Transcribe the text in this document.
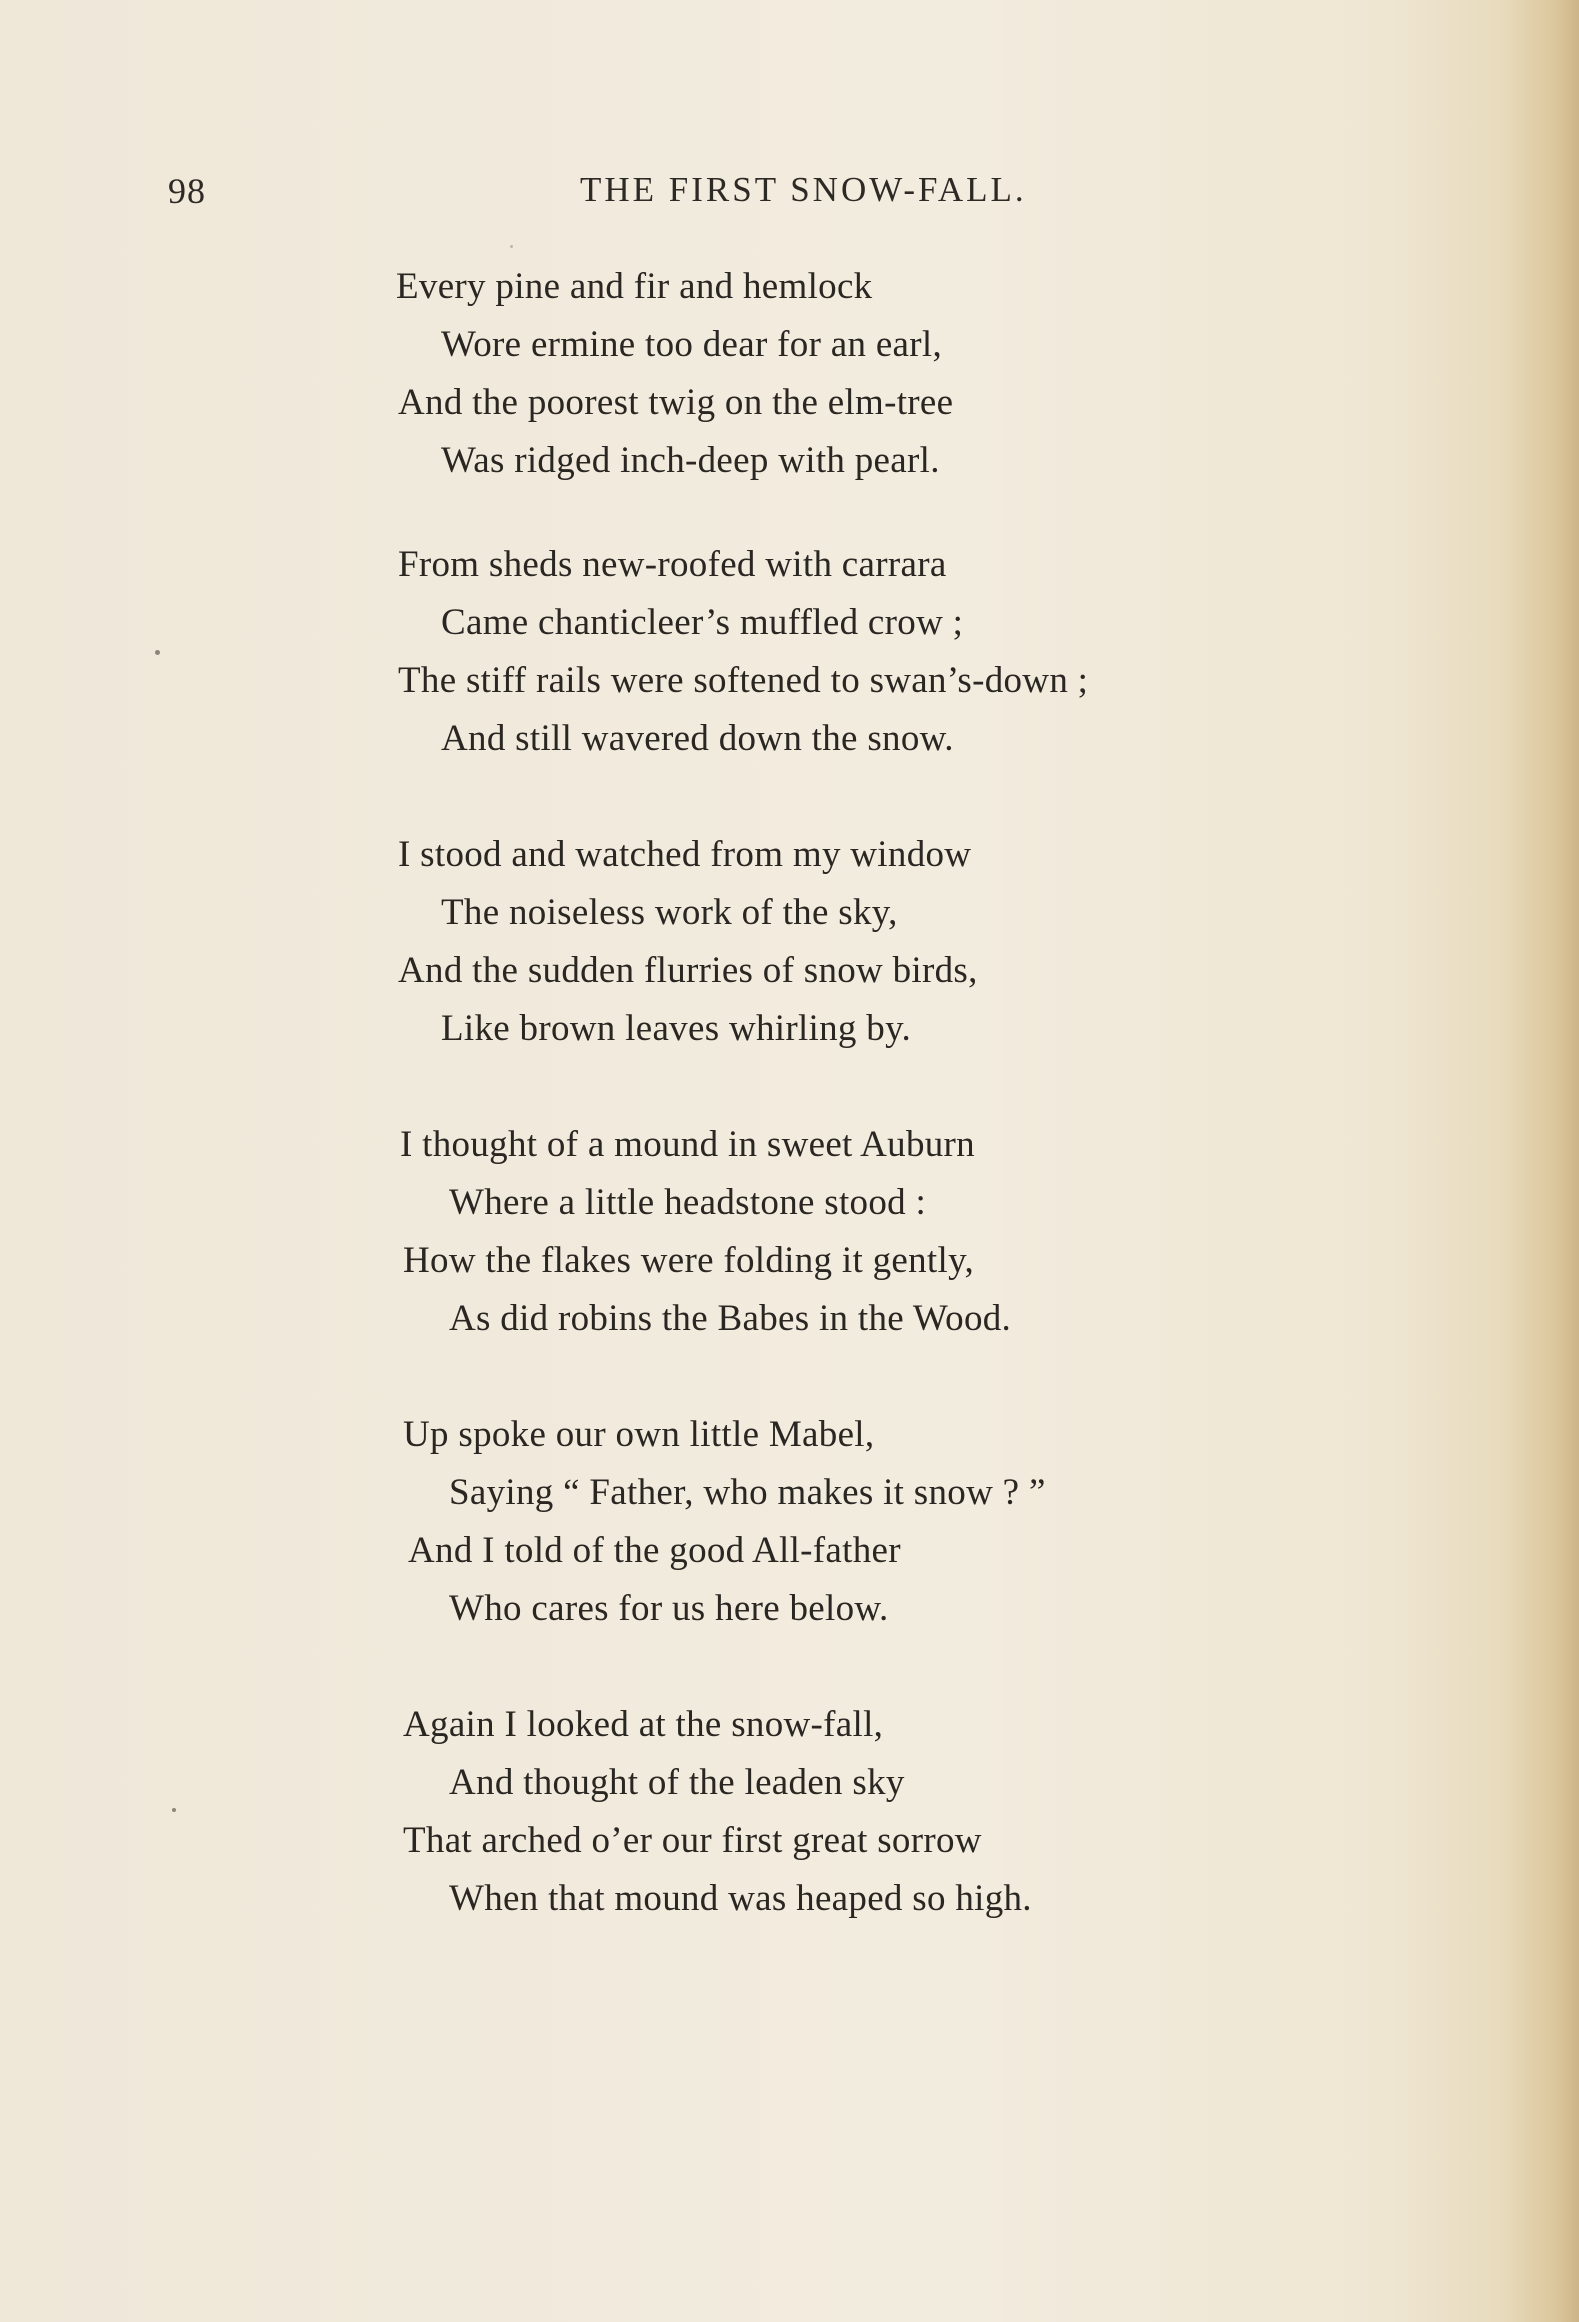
98	THE FIRST SNOW-FALL.
Every pine and fir and hemlock
Wore ermine too dear for an earl,
And the poorest twig on the elm-tree
Was ridged inch-deep with pearl.
From sheds new-roofed with carrara
Came chanticleer’s muffled crow ;
The stiff rails were softened to swan’s-down ;
And still wavered down the snow.
I stood and watched from my window
The noiseless work of the sky,
And the sudden flurries of snow birds,
Like brown leaves whirling by.
I thought of a mound in sweet Auburn
Where a little headstone stood :
How the flakes were folding it gently,
As did robins the Babes in the Wood.
Up spoke our own little Mabel,
Saying “ Father, who makes it snow ? ”
And I told of the good All-father
Who cares for us here below.
Again I looked at the snow-fall,
And thought of the leaden sky
That arched o’er our first great sorrow
When that mound was heaped so high.
